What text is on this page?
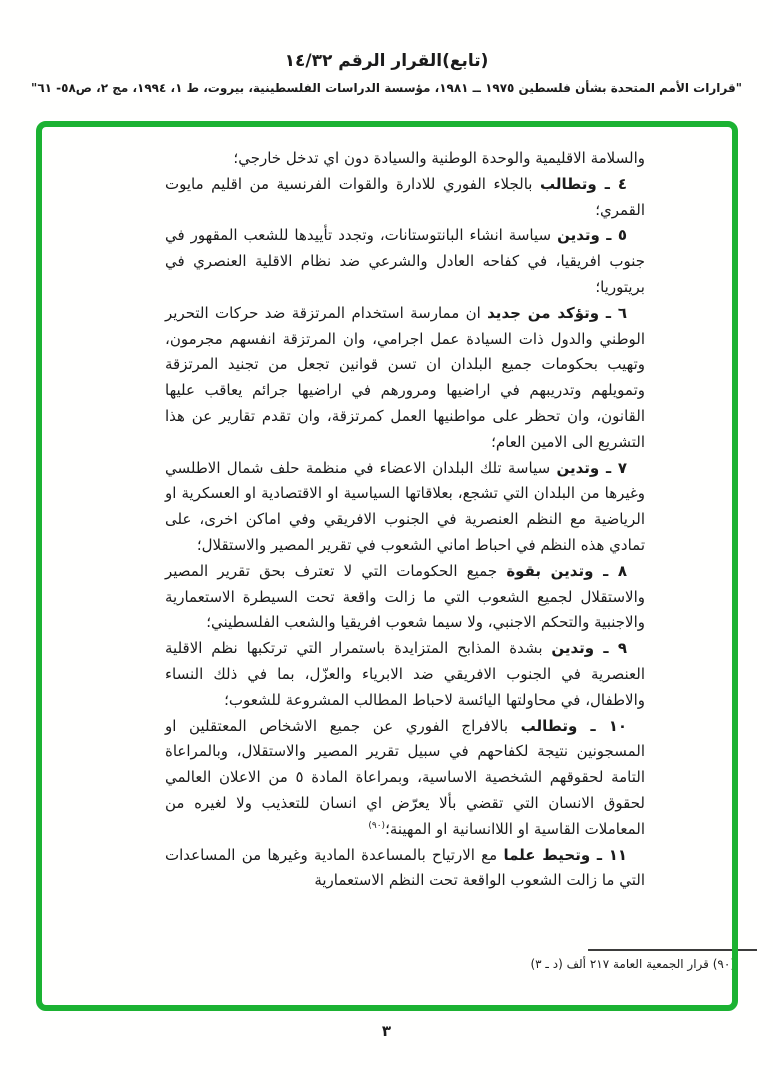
(تابع)القرار الرقم ١٤/٣٢
"قرارات الأمم المتحدة بشأن فلسطين ١٩٧٥ ــ ١٩٨١، مؤسسة الدراسات الفلسطينية، بيروت، ط ١، ١٩٩٤، مج ٢، ص٥٨- ٦١"

والسلامة الاقليمية والوحدة الوطنية والسيادة دون اي تدخل خارجي؛

٤ ـ وتطالب بالجلاء الفوري للادارة والقوات الفرنسية من اقليم مايوت القمري؛

٥ ـ وتدين سياسة انشاء البانتوستانات، وتجدد تأييدها للشعب المقهور في جنوب افريقيا، في كفاحه العادل والشرعي ضد نظام الاقلية العنصري في بريتوريا؛

٦ ـ وتؤكد من جديد ان ممارسة استخدام المرتزقة ضد حركات التحرير الوطني والدول ذات السيادة عمل اجرامي، وان المرتزقة انفسهم مجرمون، وتهيب بحكومات جميع البلدان ان تسن قوانين تجعل من تجنيد المرتزقة وتمويلهم وتدريبهم في اراضيها ومرورهم في اراضيها جرائم يعاقب عليها القانون، وان تحظر على مواطنيها العمل كمرتزقة، وان تقدم تقارير عن هذا التشريع الى الامين العام؛

٧ ـ وتدين سياسة تلك البلدان الاعضاء في منظمة حلف شمال الاطلسي وغيرها من البلدان التي تشجع، بعلاقاتها السياسية او الاقتصادية او العسكرية او الرياضية مع النظم العنصرية في الجنوب الافريقي وفي اماكن اخرى، على تمادي هذه النظم في احباط اماني الشعوب في تقرير المصير والاستقلال؛

٨ ـ وتدين بقوة جميع الحكومات التي لا تعترف بحق تقرير المصير والاستقلال لجميع الشعوب التي ما زالت واقعة تحت السيطرة الاستعمارية والاجنبية والتحكم الاجنبي، ولا سيما شعوب افريقيا والشعب الفلسطيني؛

٩ ـ وتدين بشدة المذابح المتزايدة باستمرار التي ترتكبها نظم الاقلية العنصرية في الجنوب الافريقي ضد الابرياء والعزّل، بما في ذلك النساء والاطفال، في محاولتها اليائسة لاحباط المطالب المشروعة للشعوب؛

١٠ ـ وتطالب بالافراج الفوري عن جميع الاشخاص المعتقلين او المسجونين نتيجة لكفاحهم في سبيل تقرير المصير والاستقلال، وبالمراعاة التامة لحقوقهم الشخصية الاساسية، وبمراعاة المادة ٥ من الاعلان العالمي لحقوق الانسان التي تقضي بألا يعرّض اي انسان للتعذيب ولا لغيره من المعاملات القاسية او اللاانسانية او المهينة؛$^{(٩٠)}$

١١ ـ وتحيط علما مع الارتياح بالمساعدة المادية وغيرها من المساعدات التي ما زالت الشعوب الواقعة تحت النظم الاستعمارية

(٩٠) قرار الجمعية العامة ٢١٧ ألف (د ـ ٣)
٣
